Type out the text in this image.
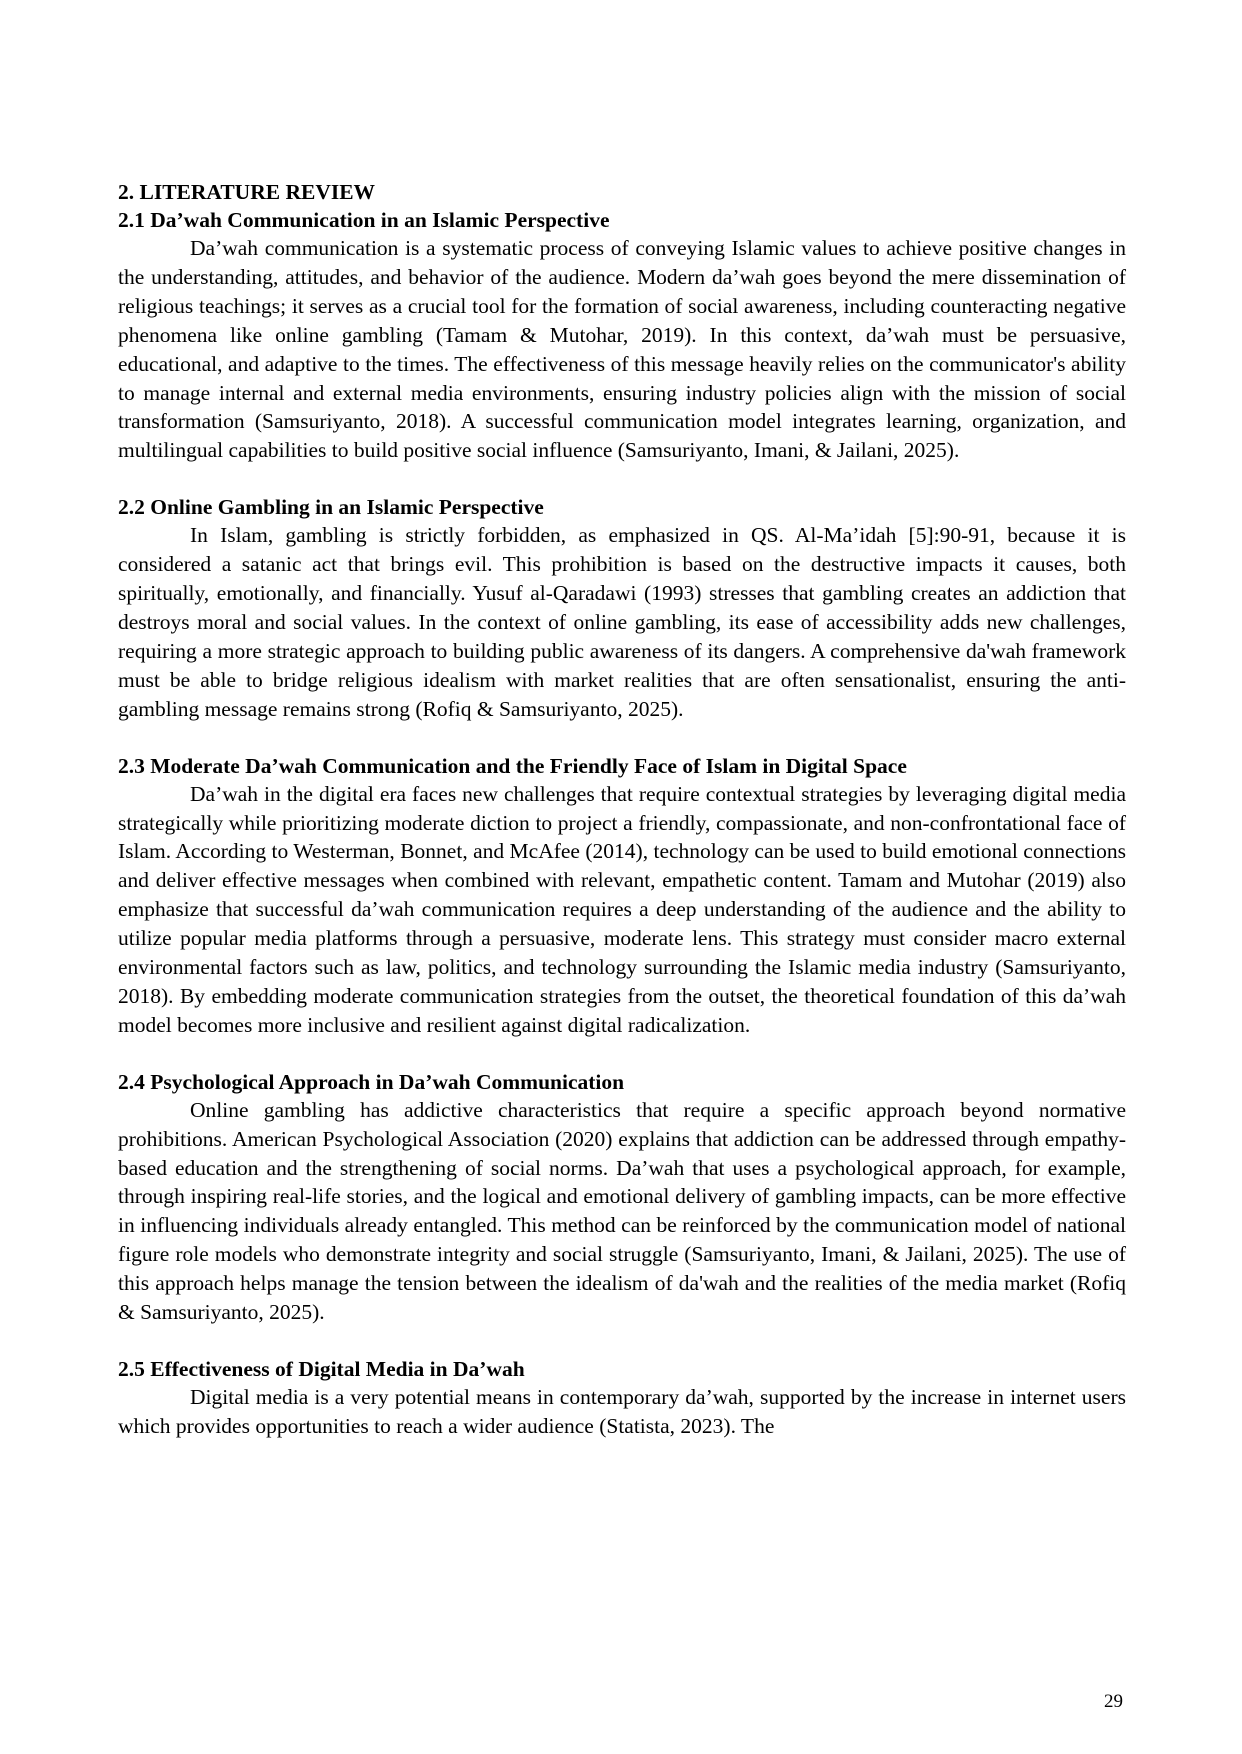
2. LITERATURE REVIEW

2.1 Da’wah Communication in an Islamic Perspective

Da’wah communication is a systematic process of conveying Islamic values to achieve positive changes in the understanding, attitudes, and behavior of the audience. Modern da’wah goes beyond the mere dissemination of religious teachings; it serves as a crucial tool for the formation of social awareness, including counteracting negative phenomena like online gambling (Tamam & Mutohar, 2019). In this context, da’wah must be persuasive, educational, and adaptive to the times. The effectiveness of this message heavily relies on the communicator's ability to manage internal and external media environments, ensuring industry policies align with the mission of social transformation (Samsuriyanto, 2018). A successful communication model integrates learning, organization, and multilingual capabilities to build positive social influence (Samsuriyanto, Imani, & Jailani, 2025).

2.2 Online Gambling in an Islamic Perspective

In Islam, gambling is strictly forbidden, as emphasized in QS. Al-Ma’idah [5]:90-91, because it is considered a satanic act that brings evil. This prohibition is based on the destructive impacts it causes, both spiritually, emotionally, and financially. Yusuf al-Qaradawi (1993) stresses that gambling creates an addiction that destroys moral and social values. In the context of online gambling, its ease of accessibility adds new challenges, requiring a more strategic approach to building public awareness of its dangers. A comprehensive da'wah framework must be able to bridge religious idealism with market realities that are often sensationalist, ensuring the anti-gambling message remains strong (Rofiq & Samsuriyanto, 2025).

2.3 Moderate Da’wah Communication and the Friendly Face of Islam in Digital Space

Da’wah in the digital era faces new challenges that require contextual strategies by leveraging digital media strategically while prioritizing moderate diction to project a friendly, compassionate, and non-confrontational face of Islam. According to Westerman, Bonnet, and McAfee (2014), technology can be used to build emotional connections and deliver effective messages when combined with relevant, empathetic content. Tamam and Mutohar (2019) also emphasize that successful da’wah communication requires a deep understanding of the audience and the ability to utilize popular media platforms through a persuasive, moderate lens. This strategy must consider macro external environmental factors such as law, politics, and technology surrounding the Islamic media industry (Samsuriyanto, 2018). By embedding moderate communication strategies from the outset, the theoretical foundation of this da’wah model becomes more inclusive and resilient against digital radicalization.

2.4 Psychological Approach in Da’wah Communication

Online gambling has addictive characteristics that require a specific approach beyond normative prohibitions. American Psychological Association (2020) explains that addiction can be addressed through empathy-based education and the strengthening of social norms. Da’wah that uses a psychological approach, for example, through inspiring real-life stories, and the logical and emotional delivery of gambling impacts, can be more effective in influencing individuals already entangled. This method can be reinforced by the communication model of national figure role models who demonstrate integrity and social struggle (Samsuriyanto, Imani, & Jailani, 2025). The use of this approach helps manage the tension between the idealism of da'wah and the realities of the media market (Rofiq & Samsuriyanto, 2025).

2.5 Effectiveness of Digital Media in Da’wah

Digital media is a very potential means in contemporary da’wah, supported by the increase in internet users which provides opportunities to reach a wider audience (Statista, 2023). The

29
